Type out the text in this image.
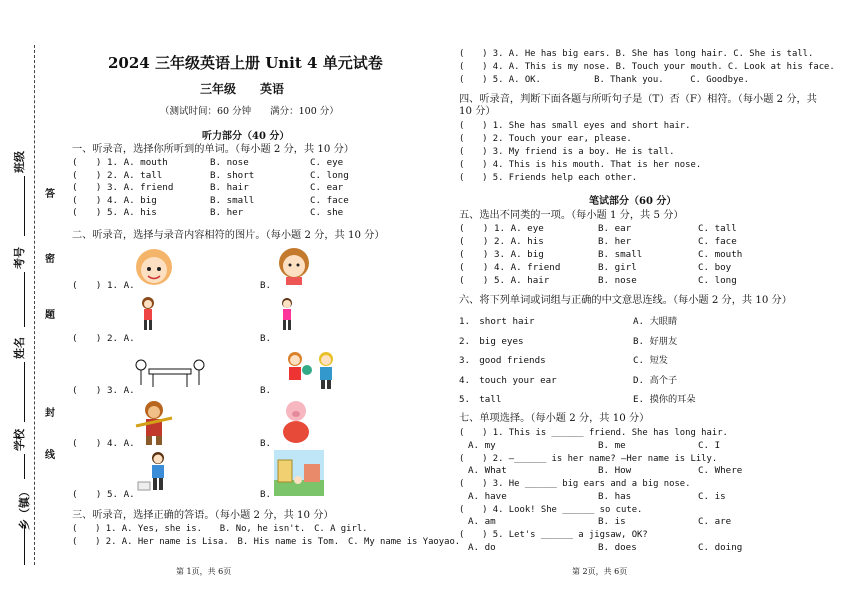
班级
考号
姓名
学校
乡（镇）
答
密
题
封
线
2024 三年级英语上册 Unit 4 单元试卷
三年级　　英语
（测试时间：60 分钟　　满分：100 分）
听力部分（40 分）
一、听录音，选择你所听到的单词。（每小题 2 分，共 10 分）
二、听录音，选择与录音内容相符的图片。（每小题 2 分，共 10 分）
三、听录音，选择正确的答语。（每小题 2 分，共 10 分）
(　　) 1. A. Yes, she is.　　B. No, he isn't.　C. A girl.
(　　) 2. A. Her name is Lisa.　B. His name is Tom.　C. My name is Yaoyao.
第 1页，共 6页
(　　) 3. A. He has big ears. B. She has long hair. C. She is tall.
(　　) 4. A. This is my nose. B. Touch your mouth. C. Look at his face.
(　　) 5. A. OK.　　　　　　B. Thank you.　　　C. Goodbye.
四、听录音，判断下面各题与所听句子是（T）否（F）相符。（每小题 2 分，共
10 分）
笔试部分（60 分）
五、选出不同类的一项。（每小题 1 分，共 5 分）
六、将下列单词或词组与正确的中文意思连线。（每小题 2 分，共 10 分）
七、单项选择。（每小题 2 分，共 10 分）
第 2页，共 6页
(　　) 1. A. mouth	B. nose	C. eye
(　　) 2. A. tall	B. short	C. long
(　　) 3. A. friend	B. hair	C. ear
(　　) 4. A. big	B. small	C. face
(　　) 5. A. his	B. her	C. she
(　　) 1. A.	B.
(　　) 2. A.	B.
(　　) 3. A.	B.
(　　) 4. A.	B.
(　　) 5. A.	B.
(　　) 1. She has small eyes and short hair.
(　　) 2. Touch your ear, please.
(　　) 3. My friend is a boy. He is tall.
(　　) 4. This is his mouth. That is her nose.
(　　) 5. Friends help each other.
(　　) 1. A. eye	B. ear	C. tall
(　　) 2. A. his	B. her	C. face
(　　) 3. A. big	B. small	C. mouth
(　　) 4. A. friend	B. girl	C. boy
(　　) 5. A. hair	B. nose	C. long
1.　short hair	A. 大眼睛
2.　big eyes	B. 好朋友
3.　good friends	C. 短发
4.　touch your ear	D. 高个子
5.　tall	E. 摸你的耳朵
(　　) 1. This is ______ friend. She has long hair.
A. my	B. me	C. I
(　　) 2. —______ is her name? —Her name is Lily.
A. What	B. How	C. Where
(　　) 3. He ______ big ears and a big nose.
A. have	B. has	C. is
(　　) 4. Look! She ______ so cute.
A. am	B. is	C. are
(　　) 5. Let's ______ a jigsaw, OK?
A. do	B. does	C. doing
